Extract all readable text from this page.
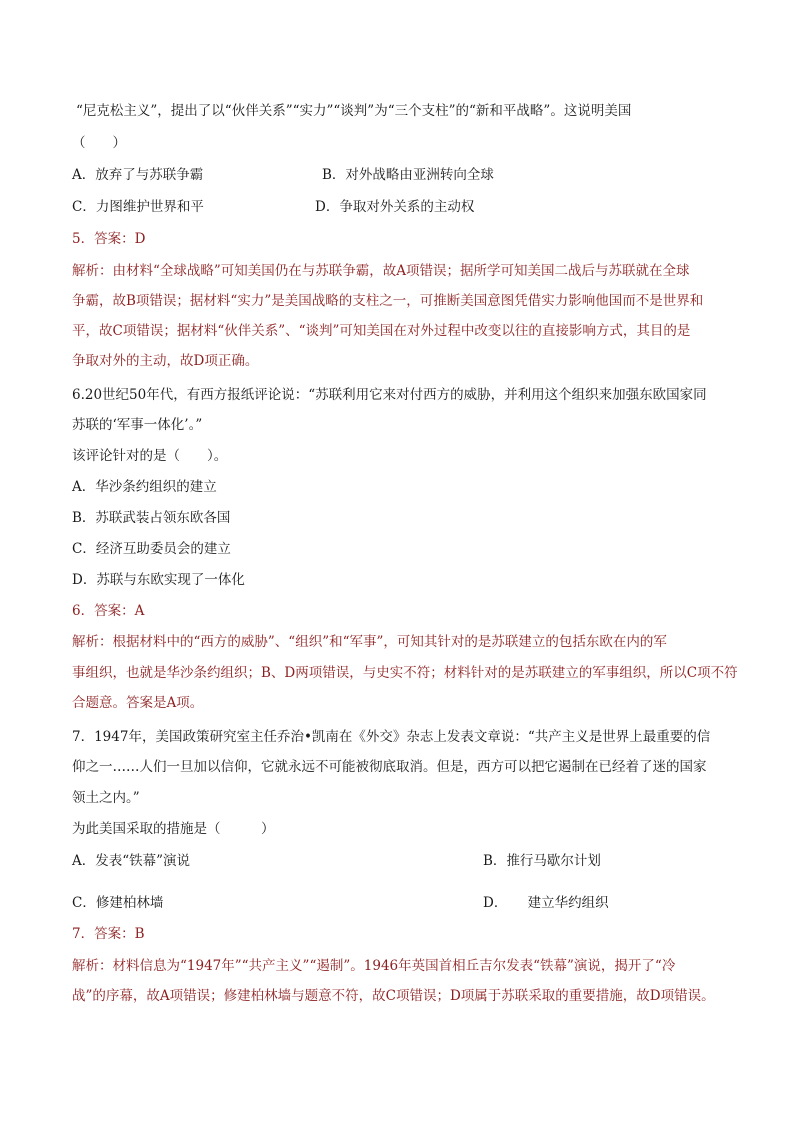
“尼克松主义”，提出了以“伙伴关系”“实力”“谈判”为“三个支柱”的“新和平战略”。这说明美国
（　　）
A．放弃了与苏联争霸	B．对外战略由亚洲转向全球
C．力图维护世界和平	D．争取对外关系的主动权
5．答案：D
解析：由材料“全球战略”可知美国仍在与苏联争霸，故A项错误；据所学可知美国二战后与苏联就在全球
争霸，故B项错误；据材料“实力”是美国战略的支柱之一，可推断美国意图凭借实力影响他国而不是世界和
平，故C项错误；据材料“伙伴关系”、“谈判”可知美国在对外过程中改变以往的直接影响方式，其目的是
争取对外的主动，故D项正确。
6.20世纪50年代，有西方报纸评论说：“苏联利用它来对付西方的威胁，并利用这个组织来加强东欧国家同
苏联的‘军事一体化’。”
该评论针对的是（　　）。
A．华沙条约组织的建立
B．苏联武装占领东欧各国
C．经济互助委员会的建立
D．苏联与东欧实现了一体化
6．答案：A
解析：根据材料中的“西方的威胁”、“组织”和“军事”，可知其针对的是苏联建立的包括东欧在内的军
事组织，也就是华沙条约组织；B、D两项错误，与史实不符；材料针对的是苏联建立的军事组织，所以C项不符
合题意。答案是A项。
7．1947年，美国政策研究室主任乔治•凯南在《外交》杂志上发表文章说：“共产主义是世界上最重要的信
仰之一……人们一旦加以信仰，它就永远不可能被彻底取消。但是，西方可以把它遏制在已经着了迷的国家
领土之内。”
为此美国采取的措施是（　　　）
A．发表“铁幕”演说	B．推行马歇尔计划
C．修建柏林墙	D．　　建立华约组织
7．答案：B
解析：材料信息为“1947年”“共产主义”“遏制”。1946年英国首相丘吉尔发表“铁幕”演说，揭开了“冷
战”的序幕，故A项错误；修建柏林墙与题意不符，故C项错误；D项属于苏联采取的重要措施，故D项错误。
